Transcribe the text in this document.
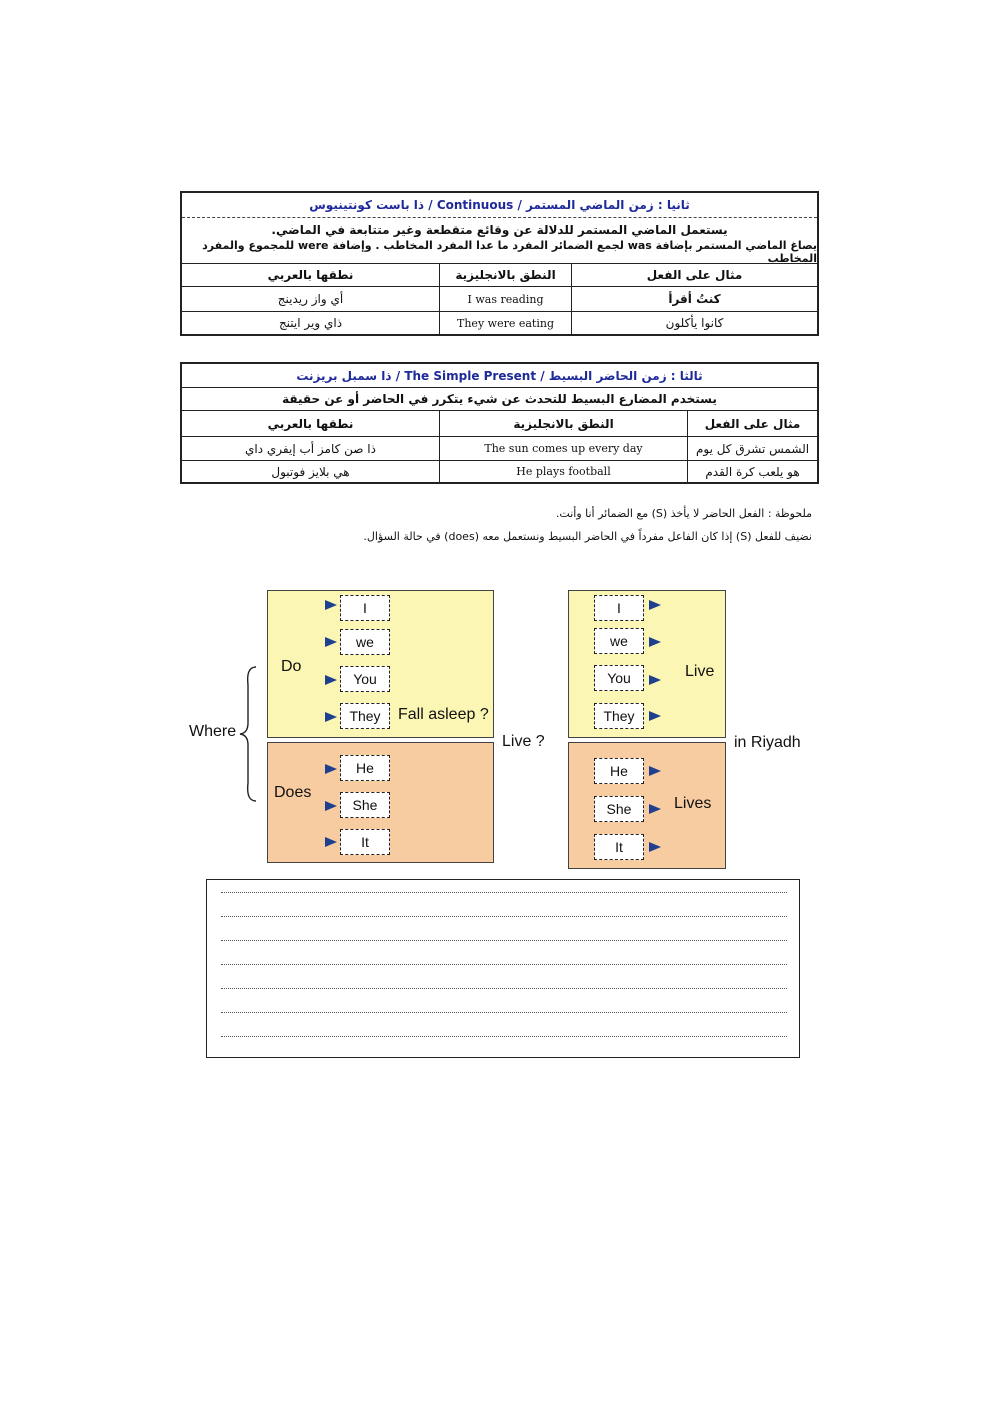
ثانيا : زمن الماضي المستمر / Continuous / ذا باست كونتينيوس
يستعمل الماضي المستمر للدلالة عن وقائع متقطعة وغير متتابعة في الماضي.
يصاغ الماضي المستمر بإضافة was لجمع الضمائر المفرد ما عدا المفرد المخاطب . وإضافة were للمجموع والمفرد المخاطب
نطقها بالعربي	النطق بالانجليزية	مثال على الفعل
أي واز ريدينج	I was reading	كنتُ أقرأ
ذاي وير ايتنج	They were eating	كانوا يأكلون
ثالثا : زمن الحاضر البسيط / The Simple Present / ذا سمبل بريزنت
يستخدم المضارع البسيط للتحدث عن شيء يتكرر في الحاضر أو عن حقيقة
نطقها بالعربي	النطق بالانجليزية	مثال على الفعل
ذا صن كامز أب إيفري داي	The sun comes up every day	الشمس تشرق كل يوم
هي بلايز فوتبول	He plays football	هو يلعب كرة القدم
ملحوظة : الفعل الحاضر لا يأخذ (S) مع الضمائر أنا وأنت.
نضيف للفعل (S) إذا كان الفاعل مفرداً في الحاضر البسيط ونستعمل معه (does) في حالة السؤال.
Where
Do
Does
Fall asleep ?
Live ?
Live
Lives
in Riyadh
I
we
You
They
He
She
It
I
we
You
They
He
She
It
